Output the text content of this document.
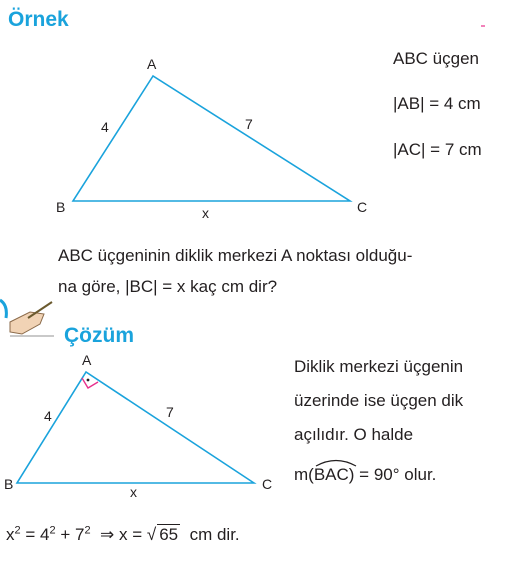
Örnek
A
B	C
4	7
x
ABC üçgen
|AB| = 4 cm
|AC| = 7 cm
ABC üçgeninin diklik merkezi A noktası olduğu-
na göre, |BC| = x kaç cm dir?
Çözüm
A
B	C
4	7
x
Diklik merkezi üçgenin
üzerinde ise üçgen dik
açılıdır. O halde
m(
BAC) = 90° olur.
$x^2 = 4^2 + 7^2$ ⇒ x = √ 65 cm dir.
